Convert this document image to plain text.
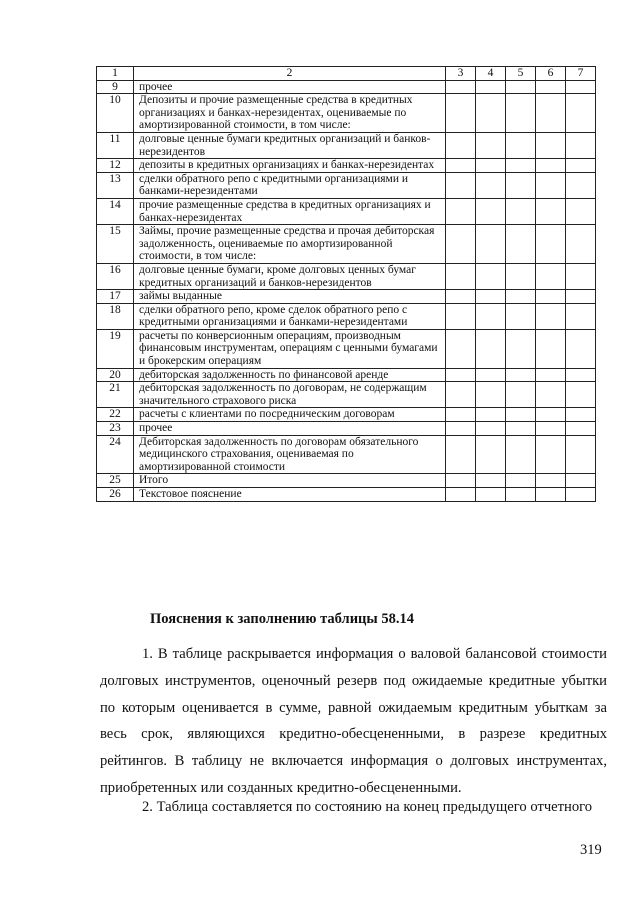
1	2	3	4	5	6	7
9	прочее					
10	Депозиты и прочие размещенные средства в кредитных организациях и банках-нерезидентах, оцениваемые по амортизированной стоимости, в том числе:					
11	долговые ценные бумаги кредитных организаций и банков-нерезидентов					
12	депозиты в кредитных организациях и банках-нерезидентах					
13	сделки обратного репо с кредитными организациями и банками-нерезидентами					
14	прочие размещенные средства в кредитных организациях и банках-нерезидентах					
15	Займы, прочие размещенные средства и прочая дебиторская задолженность, оцениваемые по амортизированной стоимости, в том числе:					
16	долговые ценные бумаги, кроме долговых ценных бумаг кредитных организаций и банков-нерезидентов					
17	займы выданные					
18	сделки обратного репо, кроме сделок обратного репо с кредитными организациями и банками-нерезидентами					
19	расчеты по конверсионным операциям, производным финансовым инструментам, операциям с ценными бумагами и брокерским операциям					
20	дебиторская задолженность по финансовой аренде					
21	дебиторская задолженность по договорам, не содержащим значительного страхового риска					
22	расчеты с клиентами по посредническим договорам					
23	прочее					
24	Дебиторская задолженность по договорам обязательного медицинского страхования, оцениваемая по амортизированной стоимости					
25	Итого					
26	Текстовое пояснение					
Пояснения к заполнению таблицы 58.14

1. В таблице раскрывается информация о валовой балансовой стоимости долговых инструментов, оценочный резерв под ожидаемые кредитные убытки по которым оценивается в сумме, равной ожидаемым кредитным убыткам за весь срок, являющихся кредитно-обесцененными, в разрезе кредитных рейтингов. В таблицу не включается информация о долговых инструментах, приобретенных или созданных кредитно-обесцененными.

2. Таблица составляется по состоянию на конец предыдущего отчетного

319
